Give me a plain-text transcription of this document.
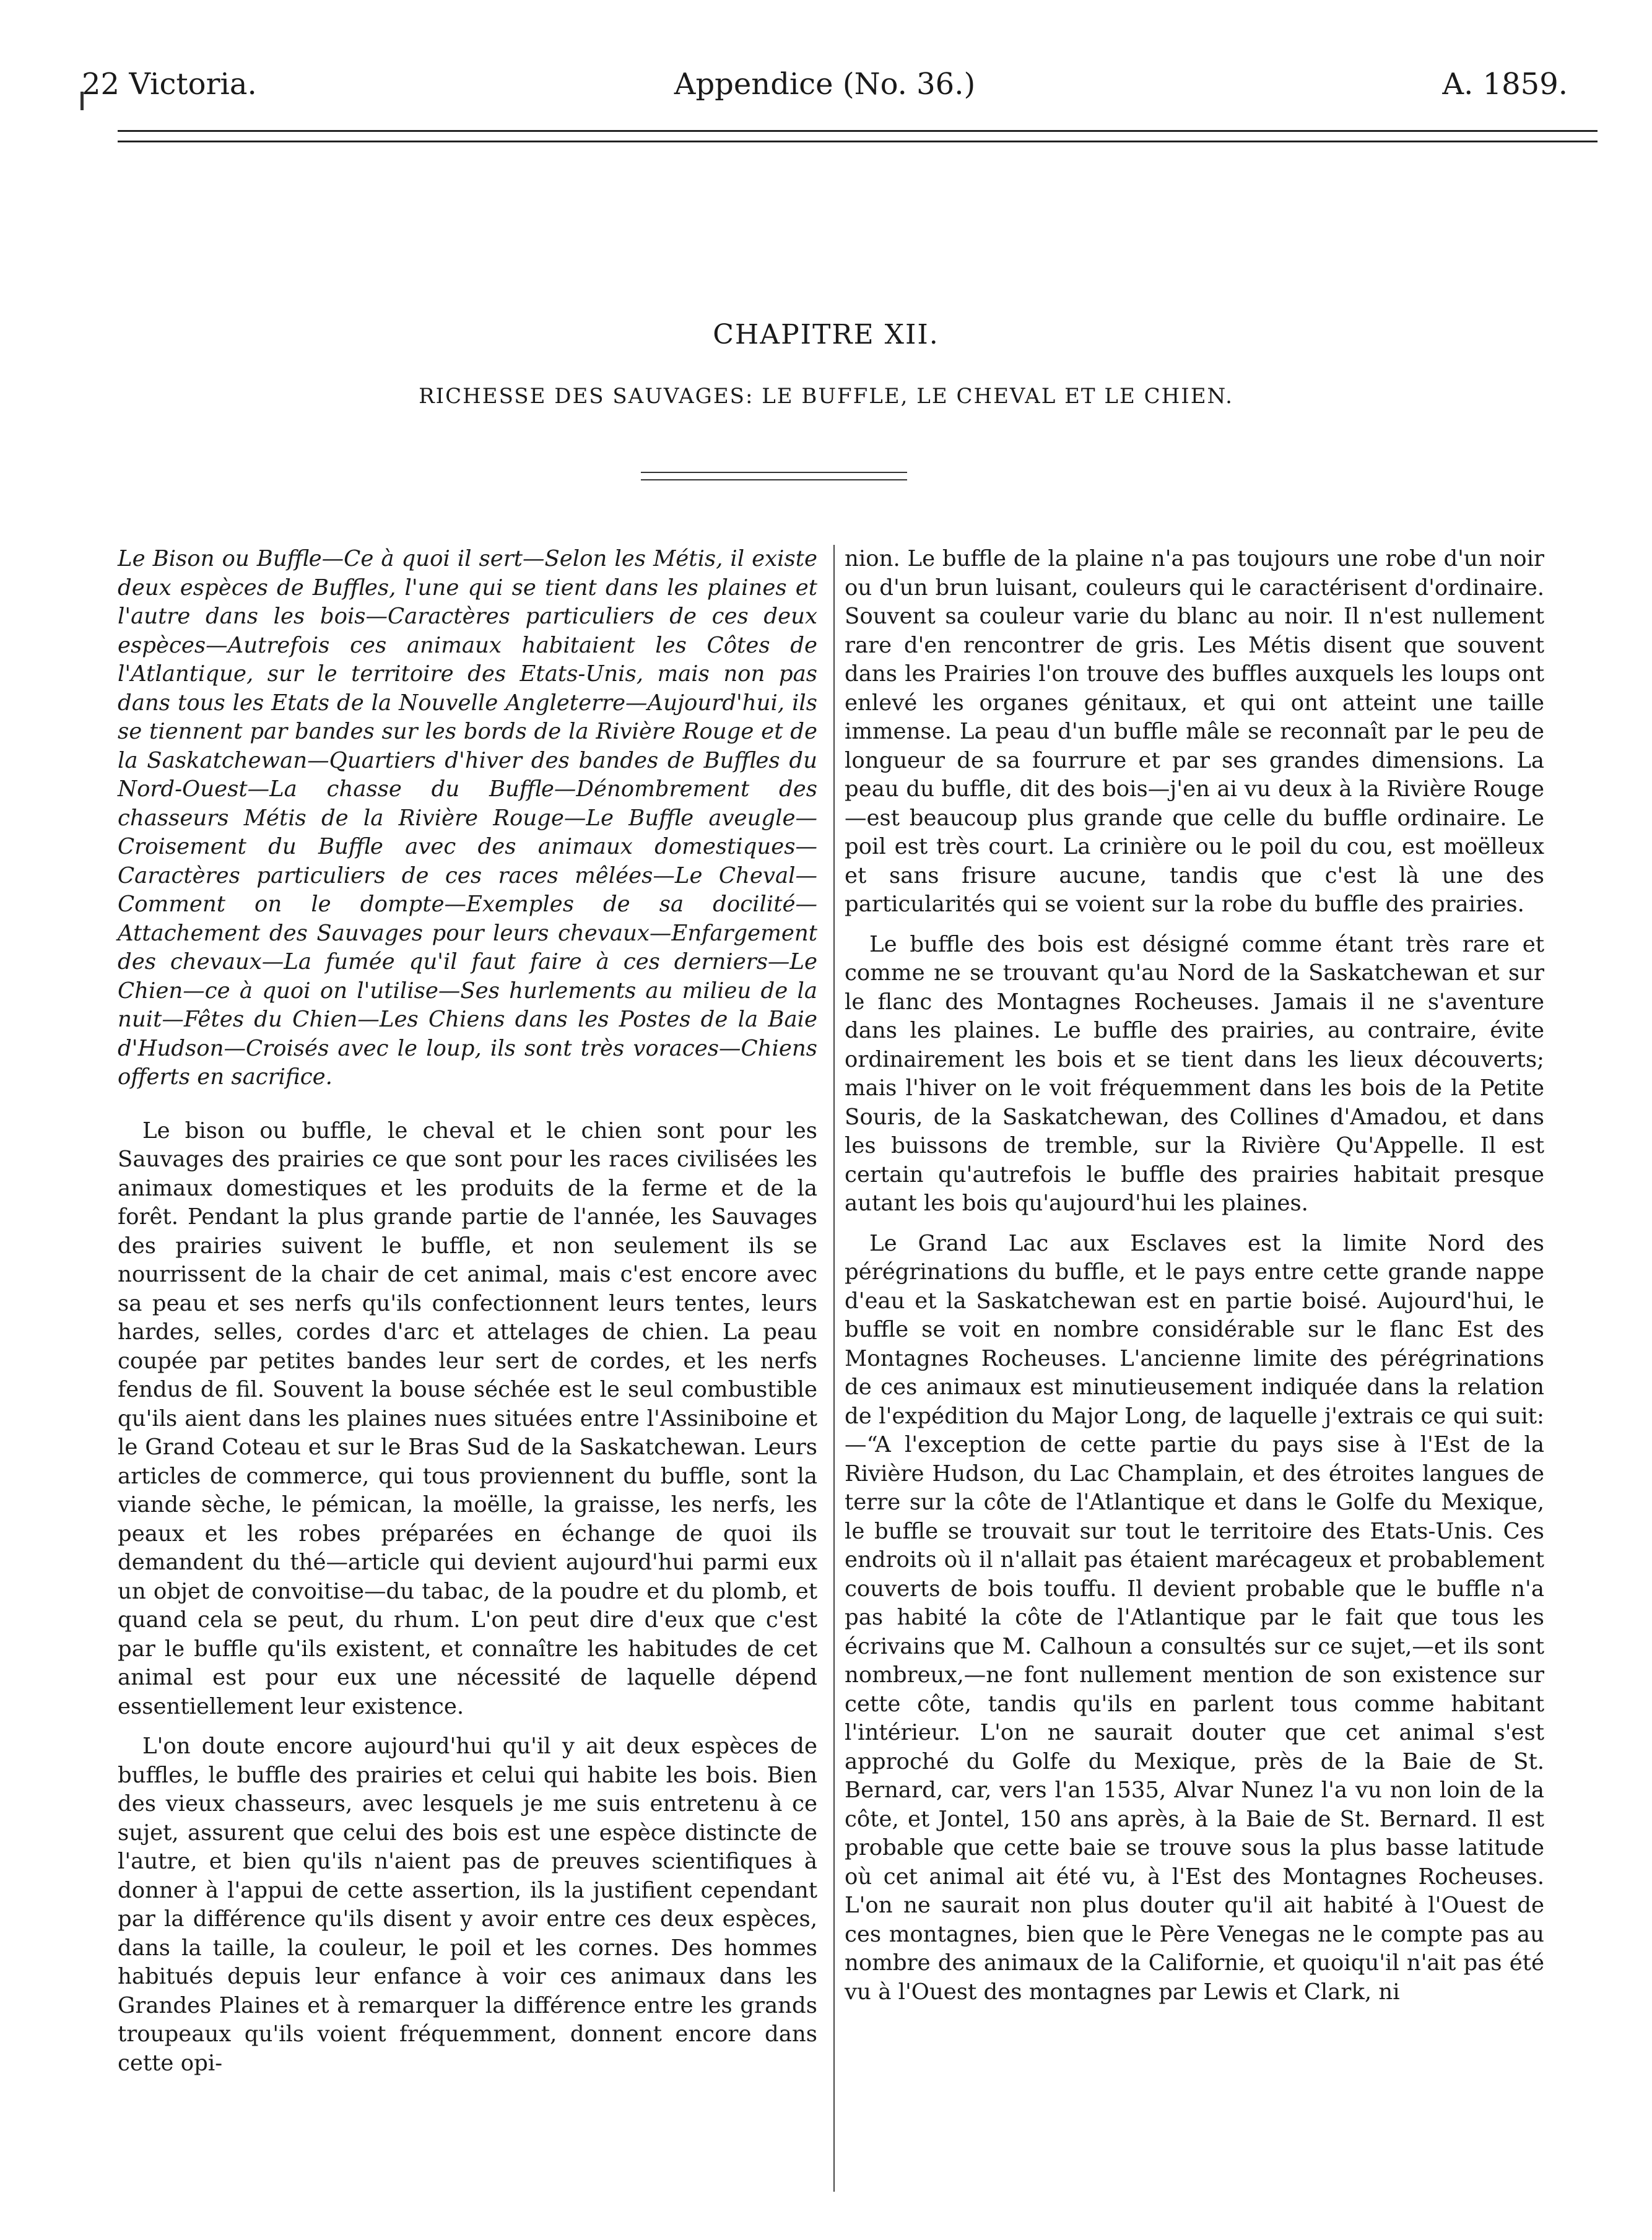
22 Victoria.	Appendice (No. 36.)	A. 1859.
CHAPITRE XII.
RICHESSE DES SAUVAGES: LE BUFFLE, LE CHEVAL ET LE CHIEN.

Le Bison ou Buffle—Ce à quoi il sert—Selon les Métis, il existe deux espèces de Buffles, l'une qui se tient dans les plaines et l'autre dans les bois—Caractères particuliers de ces deux espèces—Autrefois ces animaux habitaient les Côtes de l'Atlantique, sur le territoire des Etats-Unis, mais non pas dans tous les Etats de la Nouvelle Angleterre—Aujourd'hui, ils se tiennent par bandes sur les bords de la Rivière Rouge et de la Saskatchewan—Quartiers d'hiver des bandes de Buffles du Nord-Ouest—La chasse du Buffle—Dénombrement des chasseurs Métis de la Rivière Rouge—Le Buffle aveugle—Croisement du Buffle avec des animaux domestiques—Caractères particuliers de ces races mêlées—Le Cheval—Comment on le dompte—Exemples de sa docilité—Attachement des Sauvages pour leurs chevaux—Enfargement des chevaux—La fumée qu'il faut faire à ces derniers—Le Chien—ce à quoi on l'utilise—Ses hurlements au milieu de la nuit—Fêtes du Chien—Les Chiens dans les Postes de la Baie d'Hudson—Croisés avec le loup, ils sont très voraces—Chiens offerts en sacrifice.

Le bison ou buffle, le cheval et le chien sont pour les Sauvages des prairies ce que sont pour les races civilisées les animaux domestiques et les produits de la ferme et de la forêt. Pendant la plus grande partie de l'année, les Sauvages des prairies suivent le buffle, et non seulement ils se nourrissent de la chair de cet animal, mais c'est encore avec sa peau et ses nerfs qu'ils confectionnent leurs tentes, leurs hardes, selles, cordes d'arc et attelages de chien. La peau coupée par petites bandes leur sert de cordes, et les nerfs fendus de fil. Souvent la bouse séchée est le seul combustible qu'ils aient dans les plaines nues situées entre l'Assiniboine et le Grand Coteau et sur le Bras Sud de la Saskatchewan. Leurs articles de commerce, qui tous proviennent du buffle, sont la viande sèche, le pémican, la moëlle, la graisse, les nerfs, les peaux et les robes préparées en échange de quoi ils demandent du thé—article qui devient aujourd'hui parmi eux un objet de convoitise—du tabac, de la poudre et du plomb, et quand cela se peut, du rhum. L'on peut dire d'eux que c'est par le buffle qu'ils existent, et connaître les habitudes de cet animal est pour eux une nécessité de laquelle dépend essentiellement leur existence.

L'on doute encore aujourd'hui qu'il y ait deux espèces de buffles, le buffle des prairies et celui qui habite les bois. Bien des vieux chasseurs, avec lesquels je me suis entretenu à ce sujet, assurent que celui des bois est une espèce distincte de l'autre, et bien qu'ils n'aient pas de preuves scientifiques à donner à l'appui de cette assertion, ils la justifient cependant par la différence qu'ils disent y avoir entre ces deux espèces, dans la taille, la couleur, le poil et les cornes. Des hommes habitués depuis leur enfance à voir ces animaux dans les Grandes Plaines et à remarquer la différence entre les grands troupeaux qu'ils voient fréquemment, donnent encore dans cette opi-

nion. Le buffle de la plaine n'a pas toujours une robe d'un noir ou d'un brun luisant, couleurs qui le caractérisent d'ordinaire. Souvent sa couleur varie du blanc au noir. Il n'est nullement rare d'en rencontrer de gris. Les Métis disent que souvent dans les Prairies l'on trouve des buffles auxquels les loups ont enlevé les organes génitaux, et qui ont atteint une taille immense. La peau d'un buffle mâle se reconnaît par le peu de longueur de sa fourrure et par ses grandes dimensions. La peau du buffle, dit des bois—j'en ai vu deux à la Rivière Rouge—est beaucoup plus grande que celle du buffle ordinaire. Le poil est très court. La crinière ou le poil du cou, est moëlleux et sans frisure aucune, tandis que c'est là une des particularités qui se voient sur la robe du buffle des prairies.

Le buffle des bois est désigné comme étant très rare et comme ne se trouvant qu'au Nord de la Saskatchewan et sur le flanc des Montagnes Rocheuses. Jamais il ne s'aventure dans les plaines. Le buffle des prairies, au contraire, évite ordinairement les bois et se tient dans les lieux découverts; mais l'hiver on le voit fréquemment dans les bois de la Petite Souris, de la Saskatchewan, des Collines d'Amadou, et dans les buissons de tremble, sur la Rivière Qu'Appelle. Il est certain qu'autrefois le buffle des prairies habitait presque autant les bois qu'aujourd'hui les plaines.

Le Grand Lac aux Esclaves est la limite Nord des pérégrinations du buffle, et le pays entre cette grande nappe d'eau et la Saskatchewan est en partie boisé. Aujourd'hui, le buffle se voit en nombre considérable sur le flanc Est des Montagnes Rocheuses. L'ancienne limite des pérégrinations de ces animaux est minutieusement indiquée dans la relation de l'expédition du Major Long, de laquelle j'extrais ce qui suit:—“A l'exception de cette partie du pays sise à l'Est de la Rivière Hudson, du Lac Champlain, et des étroites langues de terre sur la côte de l'Atlantique et dans le Golfe du Mexique, le buffle se trouvait sur tout le territoire des Etats-Unis. Ces endroits où il n'allait pas étaient marécageux et probablement couverts de bois touffu. Il devient probable que le buffle n'a pas habité la côte de l'Atlantique par le fait que tous les écrivains que M. Calhoun a consultés sur ce sujet,—et ils sont nombreux,—ne font nullement mention de son existence sur cette côte, tandis qu'ils en parlent tous comme habitant l'intérieur. L'on ne saurait douter que cet animal s'est approché du Golfe du Mexique, près de la Baie de St. Bernard, car, vers l'an 1535, Alvar Nunez l'a vu non loin de la côte, et Jontel, 150 ans après, à la Baie de St. Bernard. Il est probable que cette baie se trouve sous la plus basse latitude où cet animal ait été vu, à l'Est des Montagnes Rocheuses. L'on ne saurait non plus douter qu'il ait habité à l'Ouest de ces montagnes, bien que le Père Venegas ne le compte pas au nombre des animaux de la Californie, et quoiqu'il n'ait pas été vu à l'Ouest des montagnes par Lewis et Clark, ni
